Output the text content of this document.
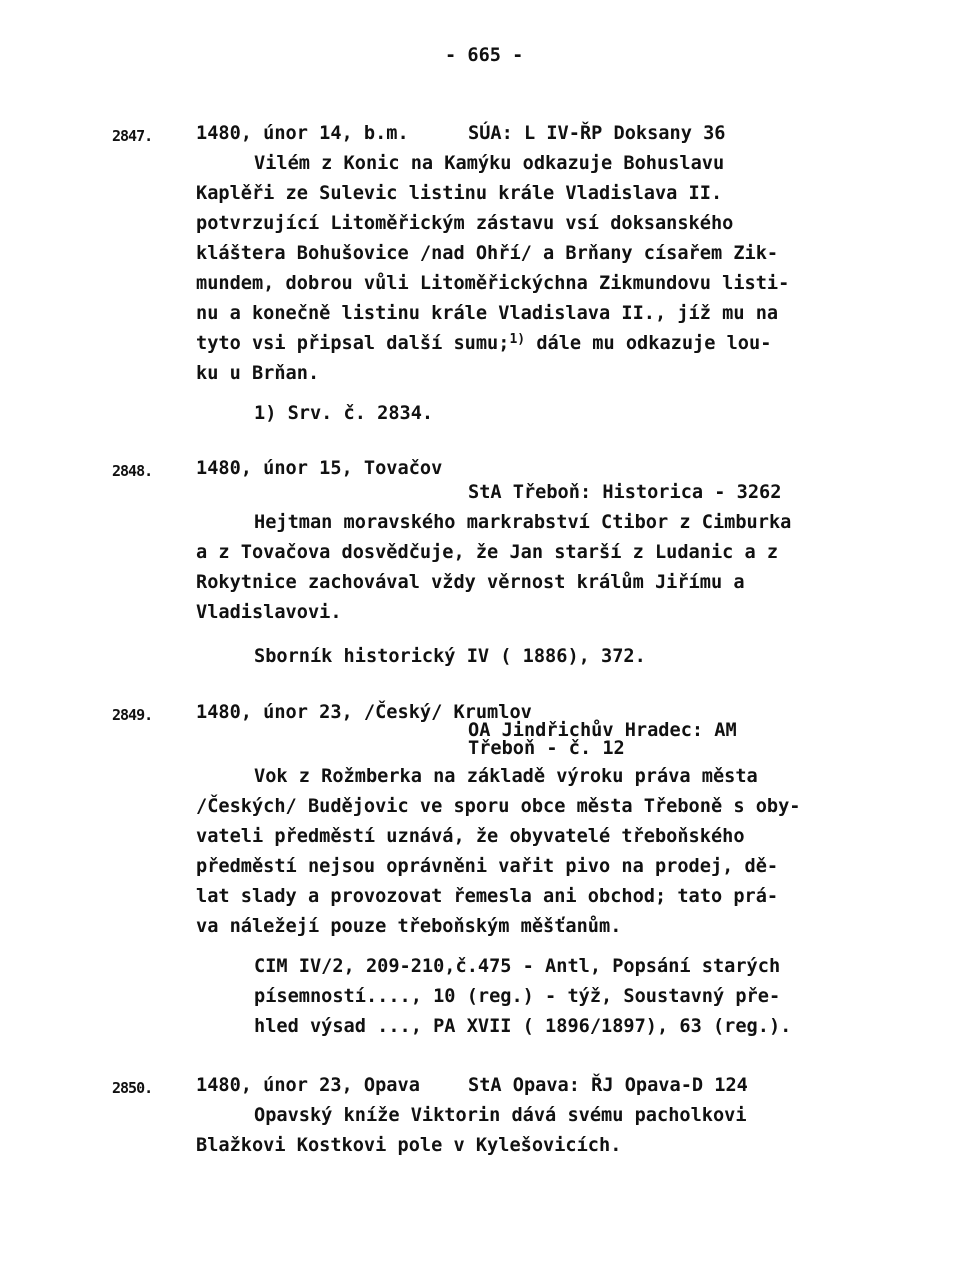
- 665 -
2847. 1480, únor 14, b.m.	SÚA: L IV-ŘP Doksany 36
Vilém z Konic na Kamýku odkazuje Bohuslavu
Kaplěři ze Sulevic listinu krále Vladislava II.
potvrzující Litoměřickým zástavu vsí doksanského
kláštera Bohušovice /nad Ohří/ a Brňany císařem Zik-
mundem, dobrou vůli Litoměřickýchna Zikmundovu listi-
nu a konečně listinu krále Vladislava II., jíž mu na
tyto vsi připsal další sumu;$^{1)}$ dále mu odkazuje lou-
ku u Brňan.
1) Srv. č. 2834.
2848. 1480, únor 15, Tovačov
StA Třeboň: Historica - 3262
Hejtman moravského markrabství Ctibor z Cimburka
a z Tovačova dosvědčuje, že Jan starší z Ludanic a z
Rokytnice zachovával vždy věrnost králům Jiřímu a
Vladislavovi.
Sborník historický IV ( 1886), 372.
2849. 1480, únor 23, /Český/ Krumlov
OA Jindřichův Hradec: AM
Třeboň - č. 12
Vok z Rožmberka na základě výroku práva města
/Českých/ Budějovic ve sporu obce města Třeboně s oby-
vateli předměstí uznává, že obyvatelé třeboňského
předměstí nejsou oprávněni vařit pivo na prodej, dě-
lat slady a provozovat řemesla ani obchod; tato prá-
va náležejí pouze třeboňským měšťanům.
CIM IV/2, 209-210,č.475 - Antl, Popsání starých
písemností...., 10 (reg.) - týž, Soustavný pře-
hled výsad ..., PA XVII ( 1896/1897), 63 (reg.).
2850. 1480, únor 23, Opava	StA Opava: ŘJ Opava-D 124
Opavský kníže Viktorin dává svému pacholkovi
Blažkovi Kostkovi pole v Kylešovicích.
